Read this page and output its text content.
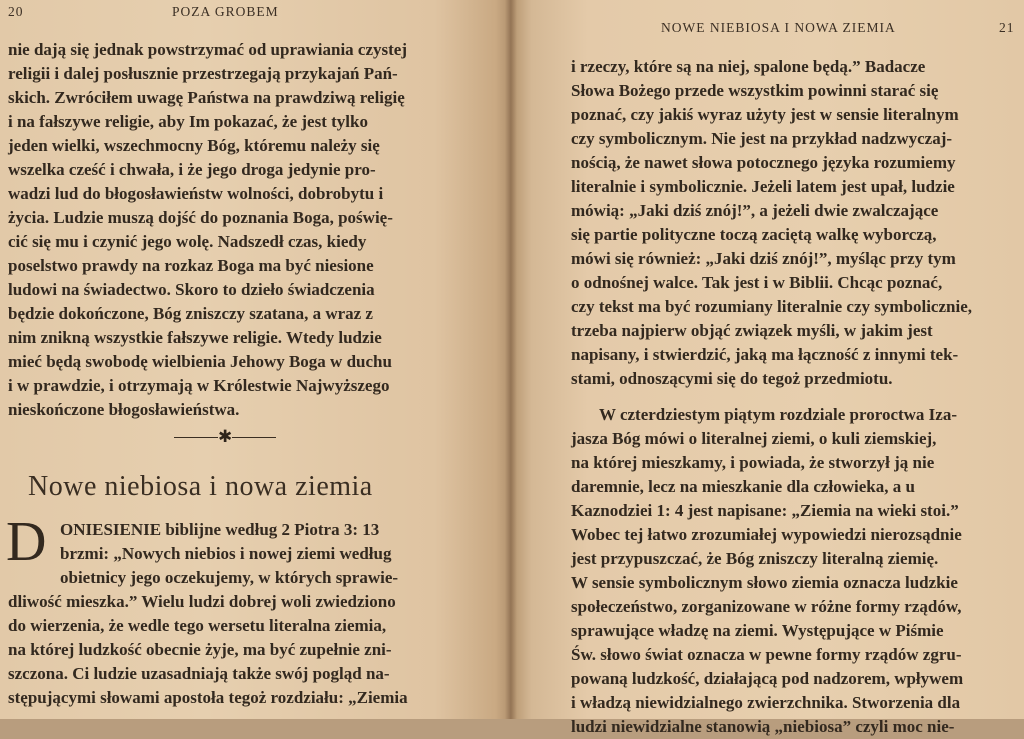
20	POZA GROBEM
nie dają się jednak powstrzymać od uprawiania czystej
religii i dalej posłusznie przestrzegają przykajań Pań-
skich. Zwróciłem uwagę Państwa na prawdziwą religię
i na fałszywe religie, aby Im pokazać, że jest tylko
jeden wielki, wszechmocny Bóg, któremu należy się
wszelka cześć i chwała, i że jego droga jedynie pro-
wadzi lud do błogosławieństw wolności, dobrobytu i
życia. Ludzie muszą dojść do poznania Boga, poświę-
cić się mu i czynić jego wolę. Nadszedł czas, kiedy
poselstwo prawdy na rozkaz Boga ma być niesione
ludowi na świadectwo. Skoro to dzieło świadczenia
będzie dokończone, Bóg zniszczy szatana, a wraz z
nim znikną wszystkie fałszywe religie. Wtedy ludzie
mieć będą swobodę wielbienia Jehowy Boga w duchu
i w prawdzie, i otrzymają w Królestwie Najwyższego
nieskończone błogosławieństwa.
✱
Nowe niebiosa i nowa ziemia
D ONIESIENIE biblijne według 2 Piotra 3: 13
brzmi: „Nowych niebios i nowej ziemi według
obietnicy jego oczekujemy, w których sprawie-
dliwość mieszka.” Wielu ludzi dobrej woli zwiedziono
do wierzenia, że wedle tego wersetu literalna ziemia,
na której ludzkość obecnie żyje, ma być zupełnie zni-
szczona. Ci ludzie uzasadniają także swój pogląd na-
stępującymi słowami apostoła tegoż rozdziału: „Ziemia
NOWE NIEBIOSA I NOWA ZIEMIA	21
i rzeczy, które są na niej, spalone będą.” Badacze
Słowa Bożego przede wszystkim powinni starać się
poznać, czy jakiś wyraz użyty jest w sensie literalnym
czy symbolicznym. Nie jest na przykład nadzwyczaj-
nością, że nawet słowa potocznego języka rozumiemy
literalnie i symbolicznie. Jeżeli latem jest upał, ludzie
mówią: „Jaki dziś znój!”, a jeżeli dwie zwalczające
się partie polityczne toczą zaciętą walkę wyborczą,
mówi się również: „Jaki dziś znój!”, myśląc przy tym
o odnośnej walce. Tak jest i w Biblii. Chcąc poznać,
czy tekst ma być rozumiany literalnie czy symbolicznie,
trzeba najpierw objąć związek myśli, w jakim jest
napisany, i stwierdzić, jaką ma łączność z innymi tek-
stami, odnoszącymi się do tegoż przedmiotu.
W czterdziestym piątym rozdziale proroctwa Iza-
jasza Bóg mówi o literalnej ziemi, o kuli ziemskiej,
na której mieszkamy, i powiada, że stworzył ją nie
daremnie, lecz na mieszkanie dla człowieka, a u
Kaznodziei 1: 4 jest napisane: „Ziemia na wieki stoi.”
Wobec tej łatwo zrozumiałej wypowiedzi nierozsądnie
jest przypuszczać, że Bóg zniszczy literalną ziemię.
W sensie symbolicznym słowo ziemia oznacza ludzkie
społeczeństwo, zorganizowane w różne formy rządów,
sprawujące władzę na ziemi. Występujące w Piśmie
Św. słowo świat oznacza w pewne formy rządów zgru-
powaną ludzkość, działającą pod nadzorem, wpływem
i władzą niewidzialnego zwierzchnika. Stworzenia dla
ludzi niewidzialne stanowią „niebiosa” czyli moc nie-
